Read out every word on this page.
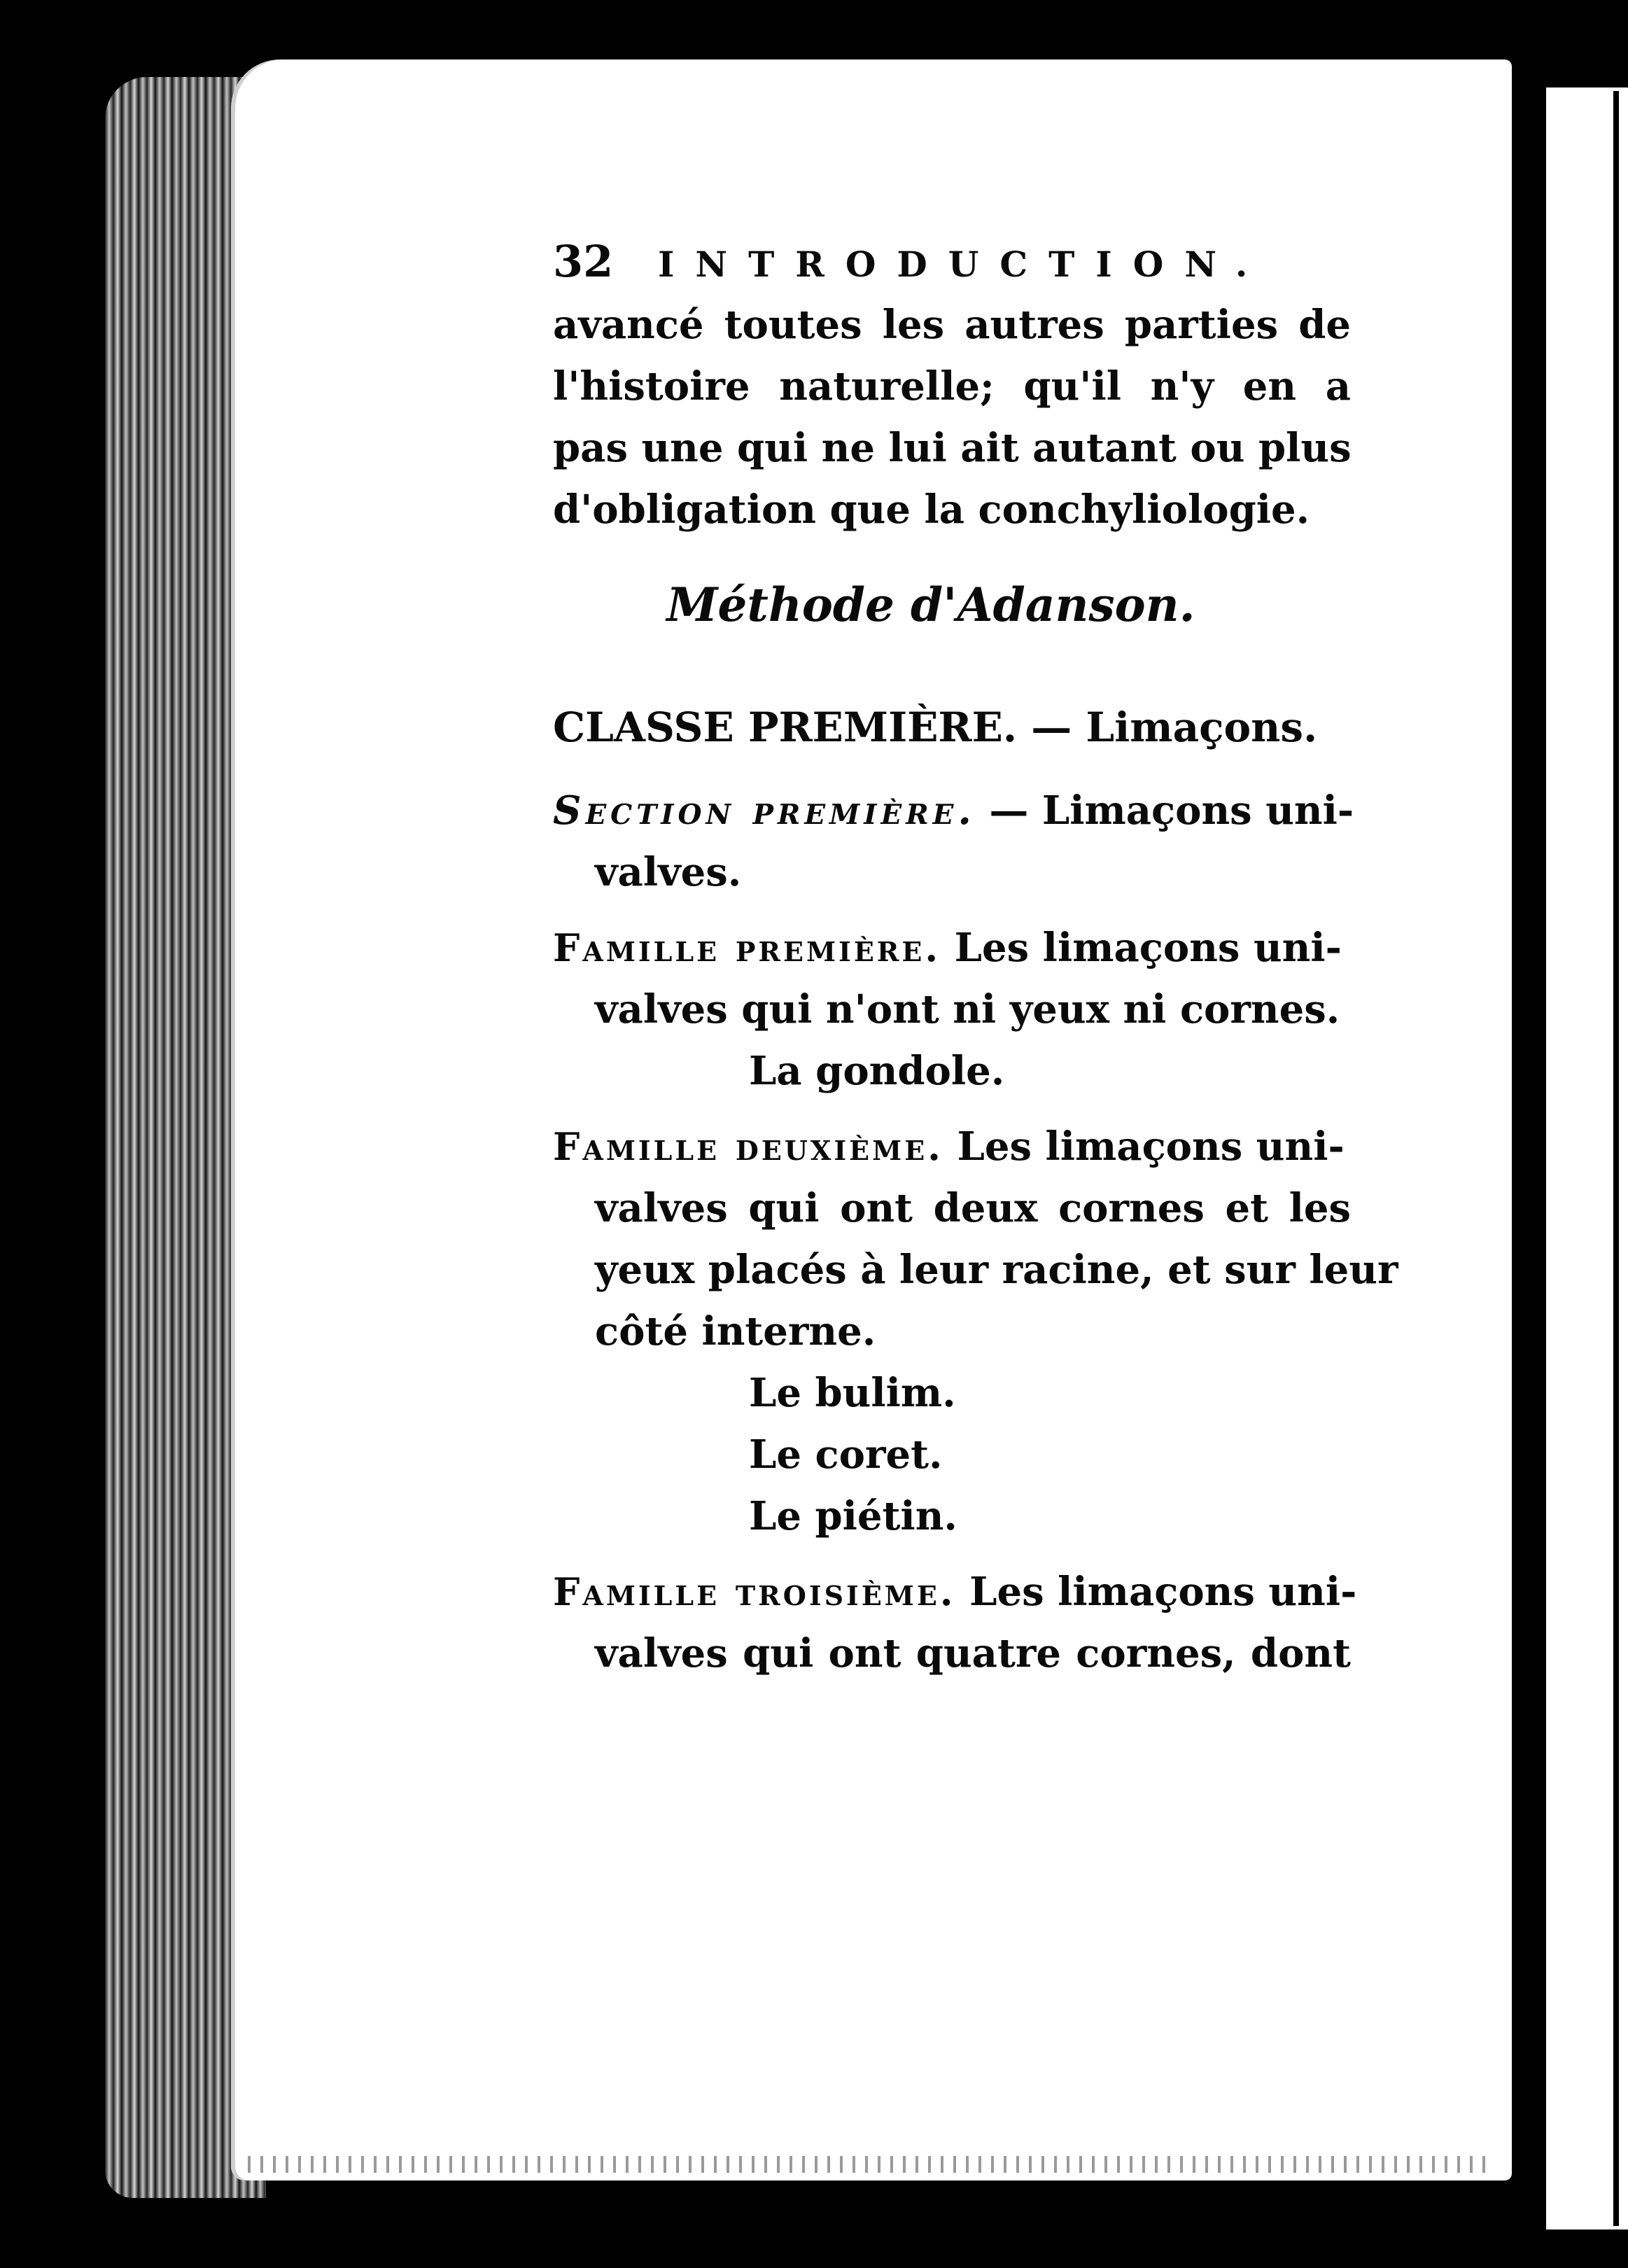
32	INTRODUCTION.
avancé toutes les autres parties de
l'histoire naturelle; qu'il n'y en a
pas une qui ne lui ait autant ou plus
d'obligation que la conchyliologie.
Méthode d'Adanson.
CLASSE PREMIÈRE. — Limaçons.
Section première. — Limaçons uni-
valves.
Famille première. Les limaçons uni-
valves qui n'ont ni yeux ni cornes.
La gondole.
Famille deuxième. Les limaçons uni-
valves qui ont deux cornes et les
yeux placés à leur racine, et sur leur
côté interne.
Le bulim.
Le coret.
Le piétin.
Famille troisième. Les limaçons uni-
valves qui ont quatre cornes, dont
